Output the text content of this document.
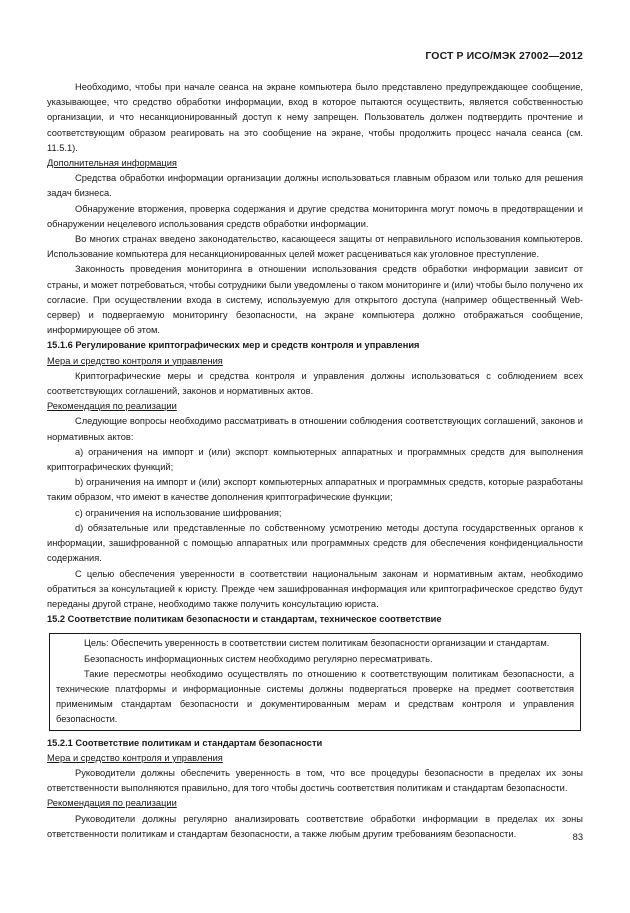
ГОСТ Р ИСО/МЭК 27002—2012

Необходимо, чтобы при начале сеанса на экране компьютера было представлено предупреждающее сообщение, указывающее, что средство обработки информации, вход в которое пытаются осуществить, является собственностью организации, и что несанкционированный доступ к нему запрещен. Пользователь должен подтвердить прочтение и соответствующим образом реагировать на это сообщение на экране, чтобы продолжить процесс начала сеанса (см. 11.5.1).

Дополнительная информация

Средства обработки информации организации должны использоваться главным образом или только для решения задач бизнеса.

Обнаружение вторжения, проверка содержания и другие средства мониторинга могут помочь в предотвращении и обнаружении нецелевого использования средств обработки информации.

Во многих странах введено законодательство, касающееся защиты от неправильного использования компьютеров. Использование компьютера для несанкционированных целей может расцениваться как уголовное преступление.

Законность проведения мониторинга в отношении использования средств обработки информации зависит от страны, и может потребоваться, чтобы сотрудники были уведомлены о таком мониторинге и (или) чтобы было получено их согласие. При осуществлении входа в систему, используемую для открытого доступа (например общественный Web-сервер) и подвергаемую мониторингу безопасности, на экране компьютера должно отображаться сообщение, информирующее об этом.

15.1.6 Регулирование криптографических мер и средств контроля и управления

Мера и средство контроля и управления

Криптографические меры и средства контроля и управления должны использоваться с соблюдением всех соответствующих соглашений, законов и нормативных актов.

Рекомендация по реализации

Следующие вопросы необходимо рассматривать в отношении соблюдения соответствующих соглашений, законов и нормативных актов:

a) ограничения на импорт и (или) экспорт компьютерных аппаратных и программных средств для выполнения криптографических функций;

b) ограничения на импорт и (или) экспорт компьютерных аппаратных и программных средств, которые разработаны таким образом, что имеют в качестве дополнения криптографические функции;

c) ограничения на использование шифрования;

d) обязательные или представленные по собственному усмотрению методы доступа государственных органов к информации, зашифрованной с помощью аппаратных или программных средств для обеспечения конфиденциальности содержания.

С целью обеспечения уверенности в соответствии национальным законам и нормативным актам, необходимо обратиться за консультацией к юристу. Прежде чем зашифрованная информация или криптографическое средство будут переданы другой стране, необходимо также получить консультацию юриста.

15.2 Соответствие политикам безопасности и стандартам, техническое соответствие

Цель: Обеспечить уверенность в соответствии систем политикам безопасности организации и стандартам.

Безопасность информационных систем необходимо регулярно пересматривать.

Такие пересмотры необходимо осуществлять по отношению к соответствующим политикам безопасности, а технические платформы и информационные системы должны подвергаться проверке на предмет соответствия применимым стандартам безопасности и документированным мерам и средствам контроля и управления безопасности.

15.2.1 Соответствие политикам и стандартам безопасности

Мера и средство контроля и управления

Руководители должны обеспечить уверенность в том, что все процедуры безопасности в пределах их зоны ответственности выполняются правильно, для того чтобы достичь соответствия политикам и стандартам безопасности.

Рекомендация по реализации

Руководители должны регулярно анализировать соответствие обработки информации в пределах их зоны ответственности политикам и стандартам безопасности, а также любым другим требованиям безопасности.	83
